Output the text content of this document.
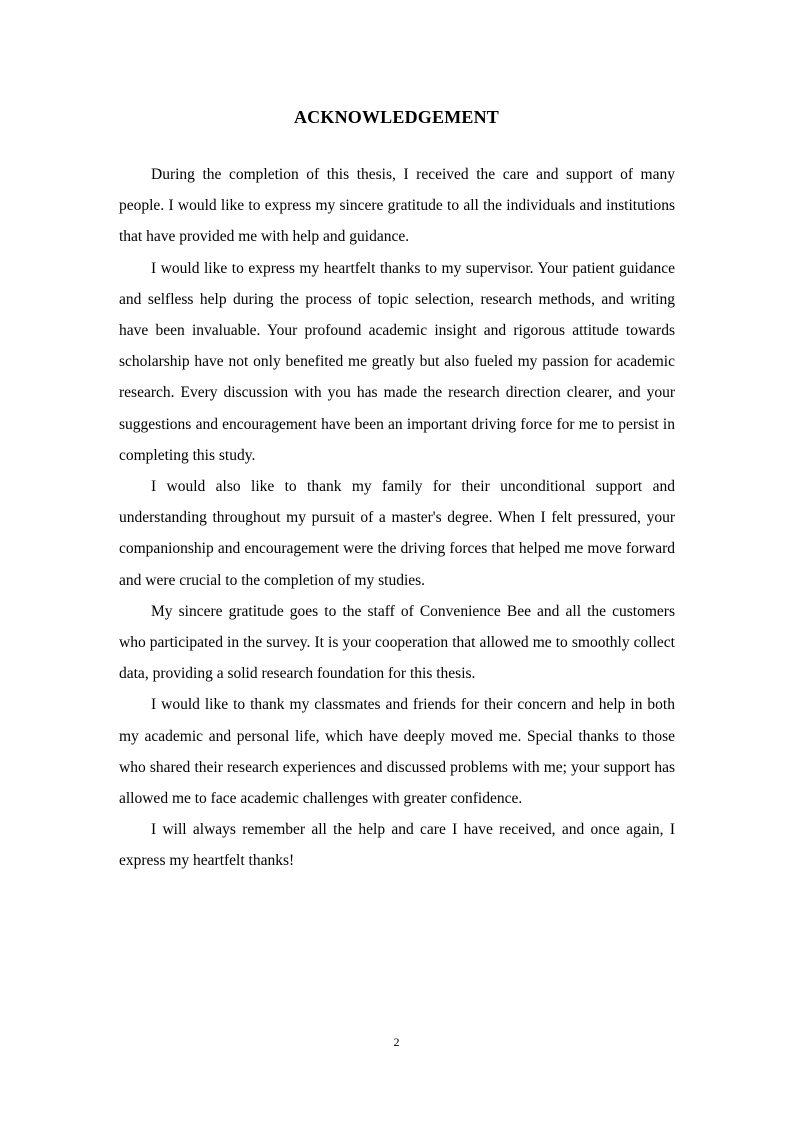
ACKNOWLEDGEMENT

During the completion of this thesis, I received the care and support of many people. I would like to express my sincere gratitude to all the individuals and institutions that have provided me with help and guidance.

I would like to express my heartfelt thanks to my supervisor. Your patient guidance and selfless help during the process of topic selection, research methods, and writing have been invaluable. Your profound academic insight and rigorous attitude towards scholarship have not only benefited me greatly but also fueled my passion for academic research. Every discussion with you has made the research direction clearer, and your suggestions and encouragement have been an important driving force for me to persist in completing this study.

I would also like to thank my family for their unconditional support and understanding throughout my pursuit of a master's degree. When I felt pressured, your companionship and encouragement were the driving forces that helped me move forward and were crucial to the completion of my studies.

My sincere gratitude goes to the staff of Convenience Bee and all the customers who participated in the survey. It is your cooperation that allowed me to smoothly collect data, providing a solid research foundation for this thesis.

I would like to thank my classmates and friends for their concern and help in both my academic and personal life, which have deeply moved me. Special thanks to those who shared their research experiences and discussed problems with me; your support has allowed me to face academic challenges with greater confidence.

I will always remember all the help and care I have received, and once again, I express my heartfelt thanks!

2
